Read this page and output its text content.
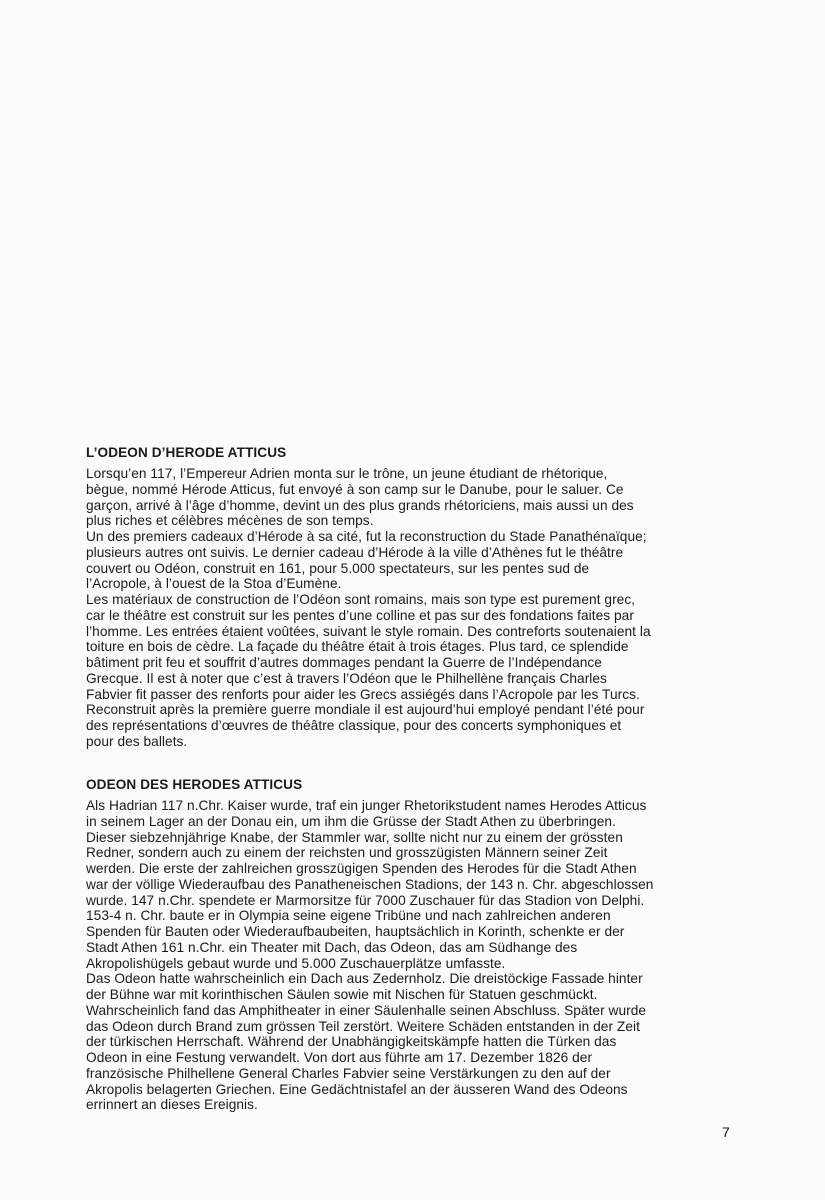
L’ODEON D’HERODE ATTICUS
Lorsqu’en 117, l’Empereur Adrien monta sur le trône, un jeune étudiant de rhétorique,
bègue, nommé Hérode Atticus, fut envoyé à son camp sur le Danube, pour le saluer. Ce
garçon, arrivé à l’âge d’homme, devint un des plus grands rhétoriciens, mais aussi un des
plus riches et célèbres mécènes de son temps.
Un des premiers cadeaux d’Hérode à sa cité, fut la reconstruction du Stade Panathénaïque;
plusieurs autres ont suivis. Le dernier cadeau d’Hérode à la ville d’Athènes fut le théâtre
couvert ou Odéon, construit en 161, pour 5.000 spectateurs, sur les pentes sud de
l’Acropole, à l’ouest de la Stoa d’Eumène.
Les matériaux de construction de l’Odéon sont romains, mais son type est purement grec,
car le théâtre est construit sur les pentes d’une colline et pas sur des fondations faites par
l’homme. Les entrées étaient voûtées, suivant le style romain. Des contreforts soutenaient la
toiture en bois de cèdre. La façade du théâtre était à trois étages. Plus tard, ce splendide
bâtiment prit feu et souffrit d’autres dommages pendant la Guerre de l’Indépendance
Grecque. Il est à noter que c’est à travers l’Odéon que le Philhellène français Charles
Fabvier fit passer des renforts pour aider les Grecs assiégés dans l’Acropole par les Turcs.
Reconstruit après la première guerre mondiale il est aujourd’hui employé pendant l’été pour
des représentations d’œuvres de théâtre classique, pour des concerts symphoniques et
pour des ballets.
ODEON DES HERODES ATTICUS
Als Hadrian 117 n.Chr. Kaiser wurde, traf ein junger Rhetorikstudent names Herodes Atticus
in seinem Lager an der Donau ein, um ihm die Grüsse der Stadt Athen zu überbringen.
Dieser siebzehnjährige Knabe, der Stammler war, sollte nicht nur zu einem der grössten
Redner, sondern auch zu einem der reichsten und grosszügisten Männern seiner Zeit
werden. Die erste der zahlreichen grosszügigen Spenden des Herodes für die Stadt Athen
war der völlige Wiederaufbau des Panatheneischen Stadions, der 143 n. Chr. abgeschlossen
wurde. 147 n.Chr. spendete er Marmorsitze für 7000 Zuschauer für das Stadion von Delphi.
153-4 n. Chr. baute er in Olympia seine eigene Tribüne und nach zahlreichen anderen
Spenden für Bauten oder Wiederaufbaubeiten, hauptsächlich in Korinth, schenkte er der
Stadt Athen 161 n.Chr. ein Theater mit Dach, das Odeon, das am Südhange des
Akropolishügels gebaut wurde und 5.000 Zuschauerplätze umfasste.
Das Odeon hatte wahrscheinlich ein Dach aus Zedernholz. Die dreistöckige Fassade hinter
der Bühne war mit korinthischen Säulen sowie mit Nischen für Statuen geschmückt.
Wahrscheinlich fand das Amphitheater in einer Säulenhalle seinen Abschluss. Später wurde
das Odeon durch Brand zum grössen Teil zerstört. Weitere Schäden entstanden in der Zeit
der türkischen Herrschaft. Während der Unabhängigkeitskämpfe hatten die Türken das
Odeon in eine Festung verwandelt. Von dort aus führte am 17. Dezember 1826 der
französische Philhellene General Charles Fabvier seine Verstärkungen zu den auf der
Akropolis belagerten Griechen. Eine Gedächtnistafel an der äusseren Wand des Odeons
errinnert an dieses Ereignis.
7
